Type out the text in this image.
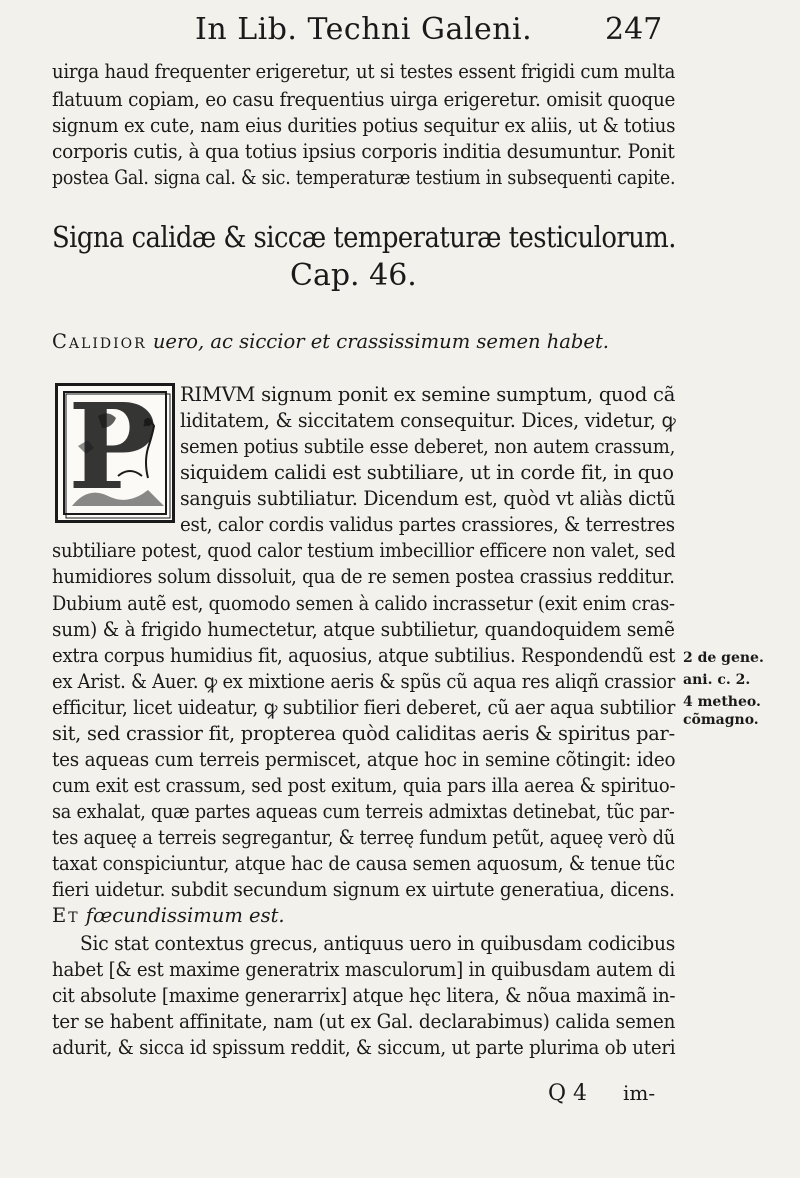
In Lib. Techni Galeni. 247
uirga haud frequenter erigeretur, ut si testes essent frigidi cum multa
flatuum copiam, eo casu frequentius uirga erigeretur. omisit quoque
signum ex cute, nam eius durities potius sequitur ex aliis, ut & totius
corporis cutis, à qua totius ipsius corporis inditia desumuntur. Ponit
postea Gal. signa cal. & sic. temperaturæ testium in subsequenti capite.
Signa calidæ & siccæ temperaturæ testiculorum.
Cap. 46.
Calidior uero, ac siccior et crassissimum semen habet.
P RIMVM signum ponit ex semine sumptum, quod cã
liditatem, & siccitatem consequitur. Dices, videtur, ꝙ
semen potius subtile esse deberet, non autem crassum,
siquidem calidi est subtiliare, ut in corde fit, in quo
sanguis subtiliatur. Dicendum est, quòd vt aliàs dictũ
est, calor cordis validus partes crassiores, & terrestres
subtiliare potest, quod calor testium imbecillior efficere non valet, sed
humidiores solum dissoluit, qua de re semen postea crassius redditur.
Dubium autẽ est, quomodo semen à calido incrassetur (exit enim cras-
sum) & à frigido humectetur, atque subtilietur, quandoquidem semẽ
extra corpus humidius fit, aquosius, atque subtilius. Respondendũ est
ex Arist. & Auer. ꝙ ex mixtione aeris & spũs cũ aqua res aliqñ crassior
efficitur, licet uideatur, ꝙ subtilior fieri deberet, cũ aer aqua subtilior
sit, sed crassior fit, propterea quòd caliditas aeris & spiritus par-
tes aqueas cum terreis permiscet, atque hoc in semine cõtingit: ideo
cum exit est crassum, sed post exitum, quia pars illa aerea & spirituo-
sa exhalat, quæ partes aqueas cum terreis admixtas detinebat, tũc par-
tes aqueę a terreis segregantur, & terreę fundum petũt, aqueę verò dũ
taxat conspiciuntur, atque hac de causa semen aquosum, & tenue tũc
fieri uidetur. subdit secundum signum ex uirtute generatiua, dicens.
Et fœcundissimum est.
Sic stat contextus grecus, antiquus uero in quibusdam codicibus
habet [& est maxime generatrix masculorum] in quibusdam autem di
cit absolute [maxime generarrix] atque hęc litera, & nõua maximã in-
ter se habent affinitate, nam (ut ex Gal. declarabimus) calida semen
adurit, & sicca id spissum reddit, & siccum, ut parte plurima ob uteri
2 de gene.
ani. c. 2.
4 metheo.
cõmagno.
Q 4 im-
